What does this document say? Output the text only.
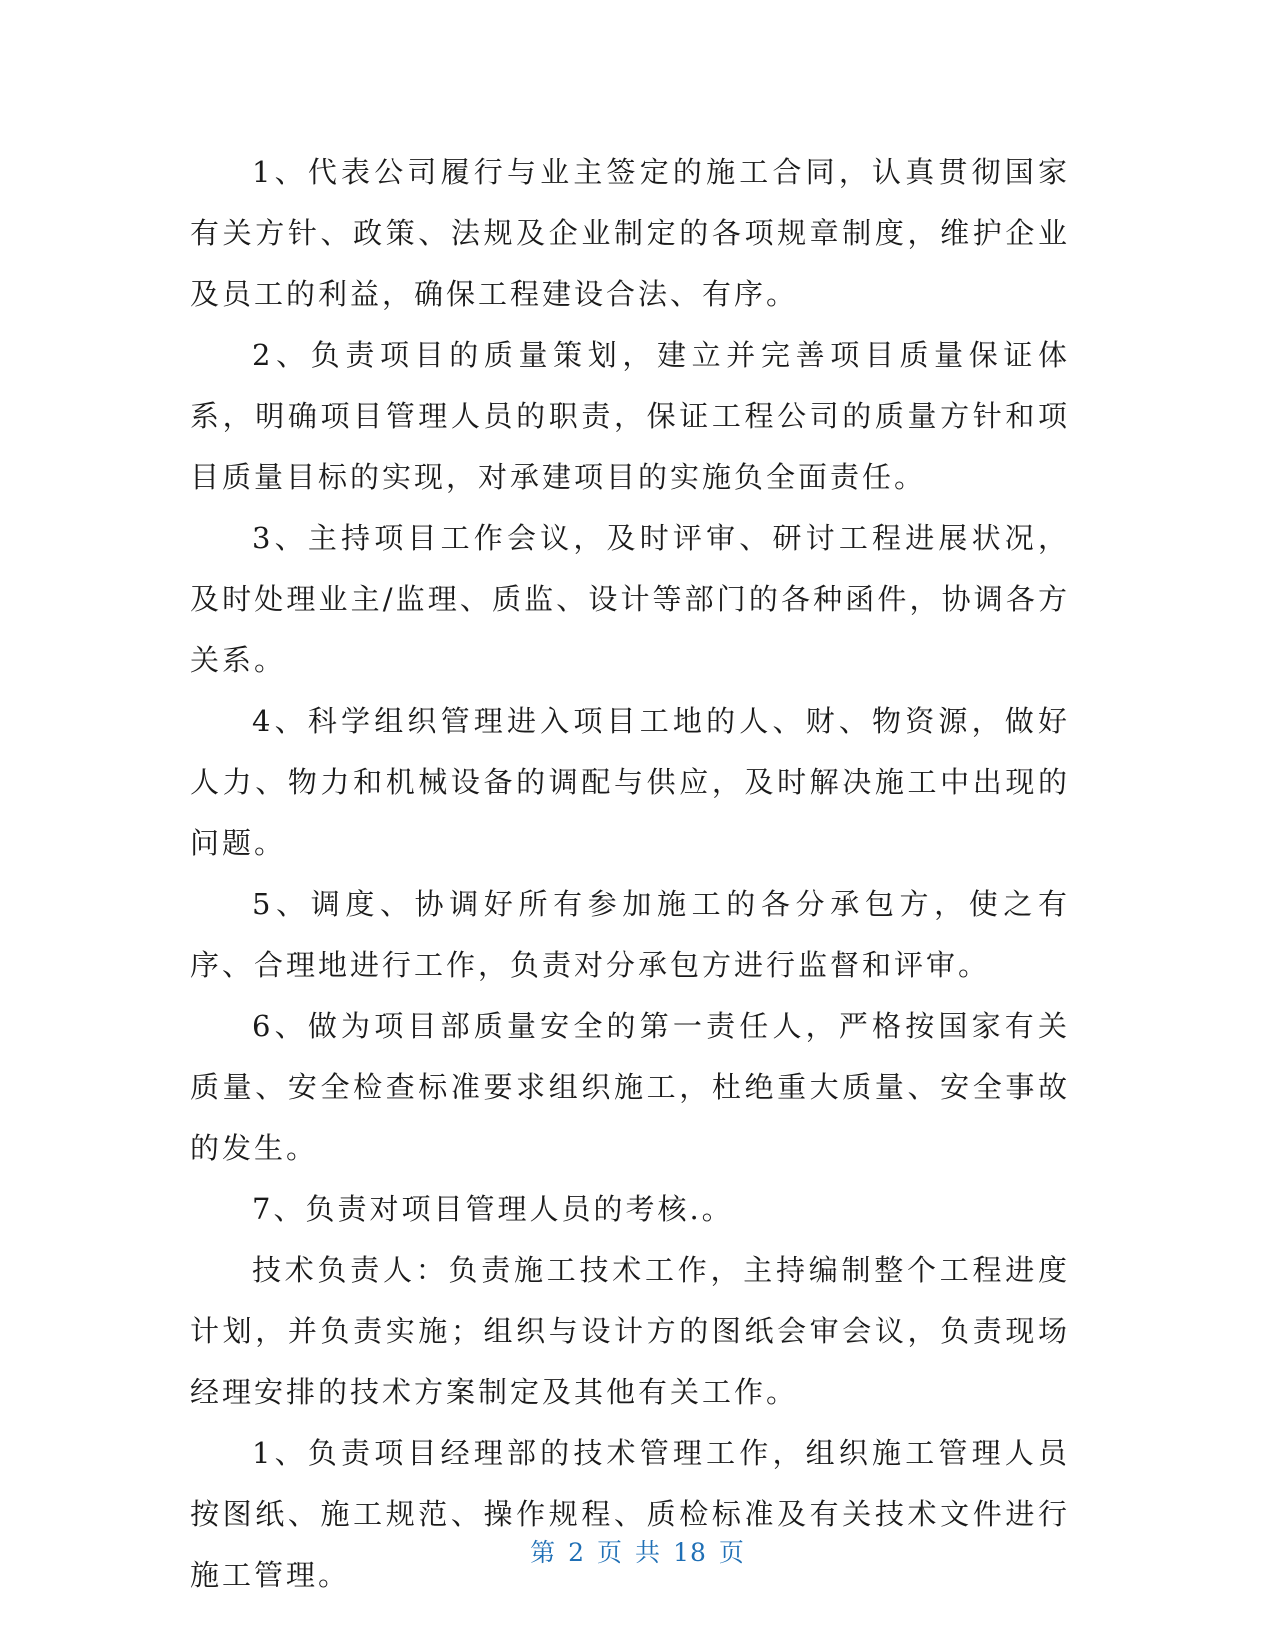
1、代表公司履行与业主签定的施工合同，认真贯彻国家有关方针、政策、法规及企业制定的各项规章制度，维护企业及员工的利益，确保工程建设合法、有序。

2、负责项目的质量策划，建立并完善项目质量保证体系，明确项目管理人员的职责，保证工程公司的质量方针和项目质量目标的实现，对承建项目的实施负全面责任。

3、主持项目工作会议，及时评审、研讨工程进展状况，及时处理业主/监理、质监、设计等部门的各种函件，协调各方关系。

4、科学组织管理进入项目工地的人、财、物资源，做好人力、物力和机械设备的调配与供应，及时解决施工中出现的问题。

5、调度、协调好所有参加施工的各分承包方，使之有序、合理地进行工作，负责对分承包方进行监督和评审。

6、做为项目部质量安全的第一责任人，严格按国家有关质量、安全检查标准要求组织施工，杜绝重大质量、安全事故的发生。

7、负责对项目管理人员的考核.。

技术负责人：负责施工技术工作，主持编制整个工程进度计划，并负责实施；组织与设计方的图纸会审会议，负责现场经理安排的技术方案制定及其他有关工作。

1、负责项目经理部的技术管理工作，组织施工管理人员按图纸、施工规范、操作规程、质检标准及有关技术文件进行施工管理。

第 2 页 共 18 页
